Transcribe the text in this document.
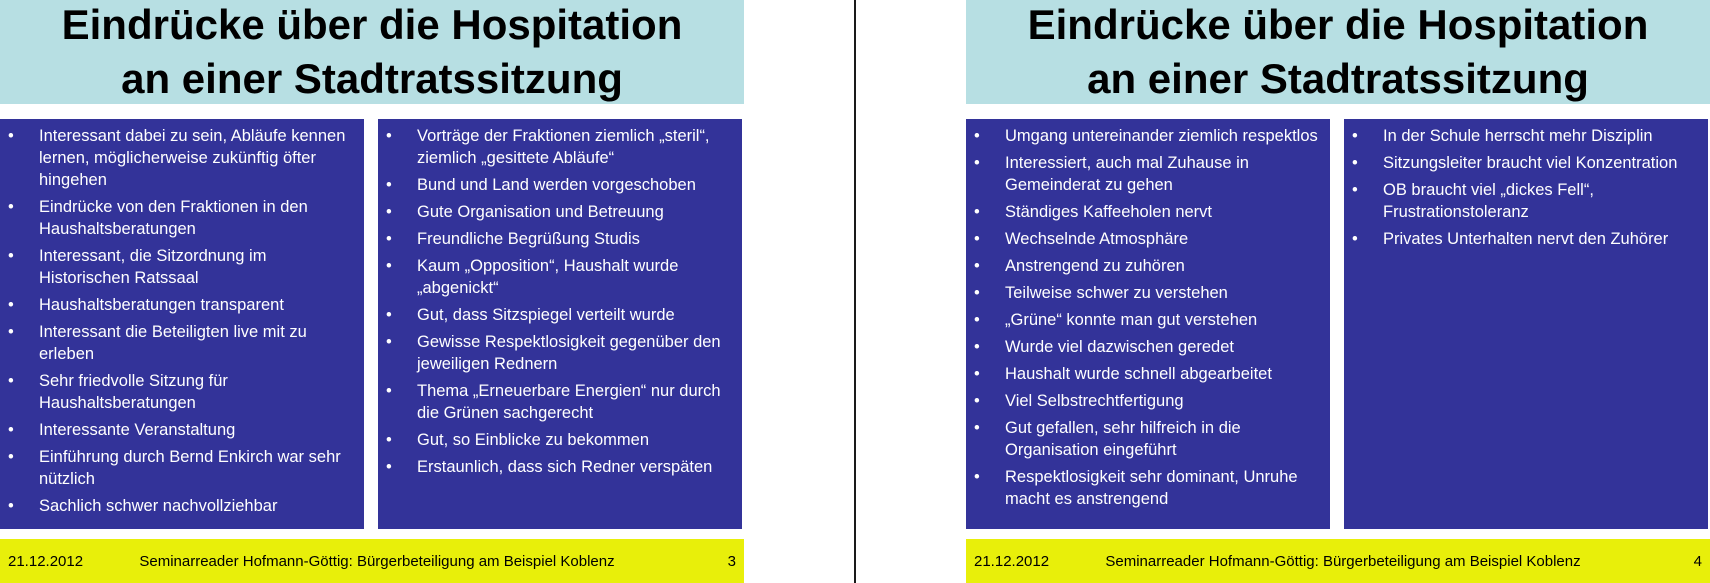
Eindrücke über die Hospitation
an einer Stadtratssitzung
• Interessant dabei zu sein, Abläufe kennen lernen, möglicherweise zukünftig öfter hingehen
• Eindrücke von den Fraktionen in den Haushaltsberatungen
• Interessant, die Sitzordnung im Historischen Ratssaal
• Haushaltsberatungen transparent
• Interessant die Beteiligten live mit zu erleben
• Sehr friedvolle Sitzung für Haushaltsberatungen
• Interessante Veranstaltung
• Einführung durch Bernd Enkirch war sehr nützlich
• Sachlich schwer nachvollziehbar
• Vorträge der Fraktionen ziemlich „steril“, ziemlich „gesittete Abläufe“
• Bund und Land werden vorgeschoben
• Gute Organisation und Betreuung
• Freundliche Begrüßung Studis
• Kaum „Opposition“, Haushalt wurde „abgenickt“
• Gut, dass Sitzspiegel verteilt wurde
• Gewisse Respektlosigkeit gegenüber den jeweiligen Rednern
• Thema „Erneuerbare Energien“ nur durch die Grünen sachgerecht
• Gut, so Einblicke zu bekommen
• Erstaunlich, dass sich Redner verspäten
21.12.2012	Seminarreader Hofmann-Göttig: Bürgerbeteiligung am Beispiel Koblenz	3
Eindrücke über die Hospitation
an einer Stadtratssitzung
• Umgang untereinander ziemlich respektlos
• Interessiert, auch mal Zuhause in Gemeinderat zu gehen
• Ständiges Kaffeeholen nervt
• Wechselnde Atmosphäre
• Anstrengend zu zuhören
• Teilweise schwer zu verstehen
• „Grüne“ konnte man gut verstehen
• Wurde viel dazwischen geredet
• Haushalt wurde schnell abgearbeitet
• Viel Selbstrechtfertigung
• Gut gefallen, sehr hilfreich in die Organisation eingeführt
• Respektlosigkeit sehr dominant, Unruhe macht es anstrengend
• In der Schule herrscht mehr Disziplin
• Sitzungsleiter braucht viel Konzentration
• OB braucht viel „dickes Fell“, Frustrationstoleranz
• Privates Unterhalten nervt den Zuhörer
21.12.2012	Seminarreader Hofmann-Göttig: Bürgerbeteiligung am Beispiel Koblenz	4
